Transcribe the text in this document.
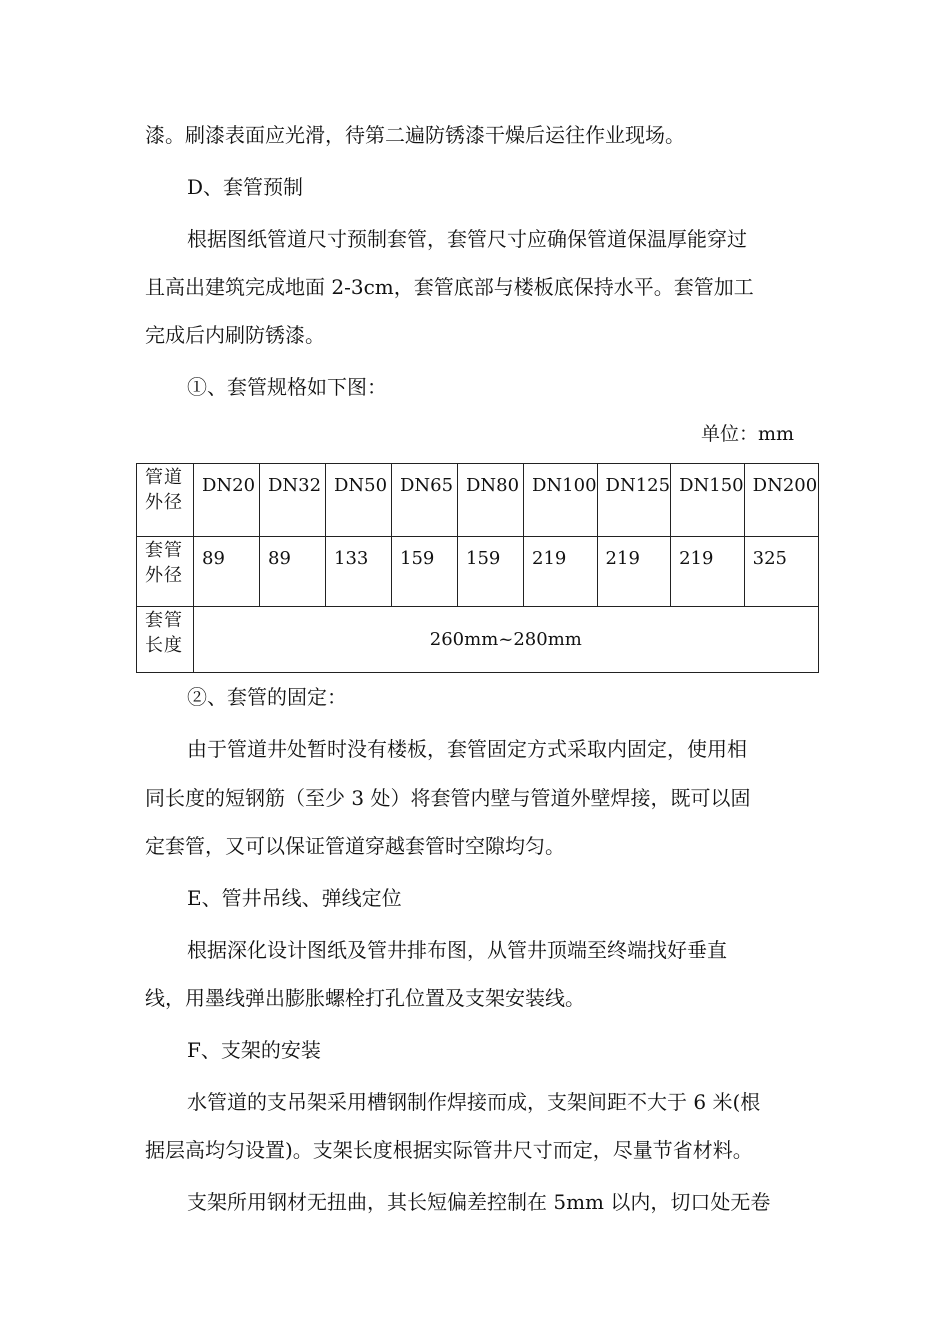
漆。刷漆表面应光滑，待第二遍防锈漆干燥后运往作业现场。
D、套管预制
根据图纸管道尺寸预制套管，套管尺寸应确保管道保温厚能穿过
且高出建筑完成地面 2-3cm，套管底部与楼板底保持水平。套管加工
完成后内刷防锈漆。
①、套管规格如下图：
单位：mm
管道
外径	DN20	DN32	DN50	DN65	DN80	DN100	DN125	DN150	DN200

套管
外径	89	89	133	159	159	219	219	219	325

套管
长度	260mm~280mm								
②、套管的固定：
由于管道井处暂时没有楼板，套管固定方式采取内固定，使用相
同长度的短钢筋（至少 3 处）将套管内壁与管道外壁焊接，既可以固
定套管，又可以保证管道穿越套管时空隙均匀。
E、管井吊线、弹线定位
根据深化设计图纸及管井排布图，从管井顶端至终端找好垂直
线，用墨线弹出膨胀螺栓打孔位置及支架安装线。
F、支架的安装
水管道的支吊架采用槽钢制作焊接而成，支架间距不大于 6 米(根
据层高均匀设置)。支架长度根据实际管井尺寸而定，尽量节省材料。
支架所用钢材无扭曲，其长短偏差控制在 5mm 以内，切口处无卷
